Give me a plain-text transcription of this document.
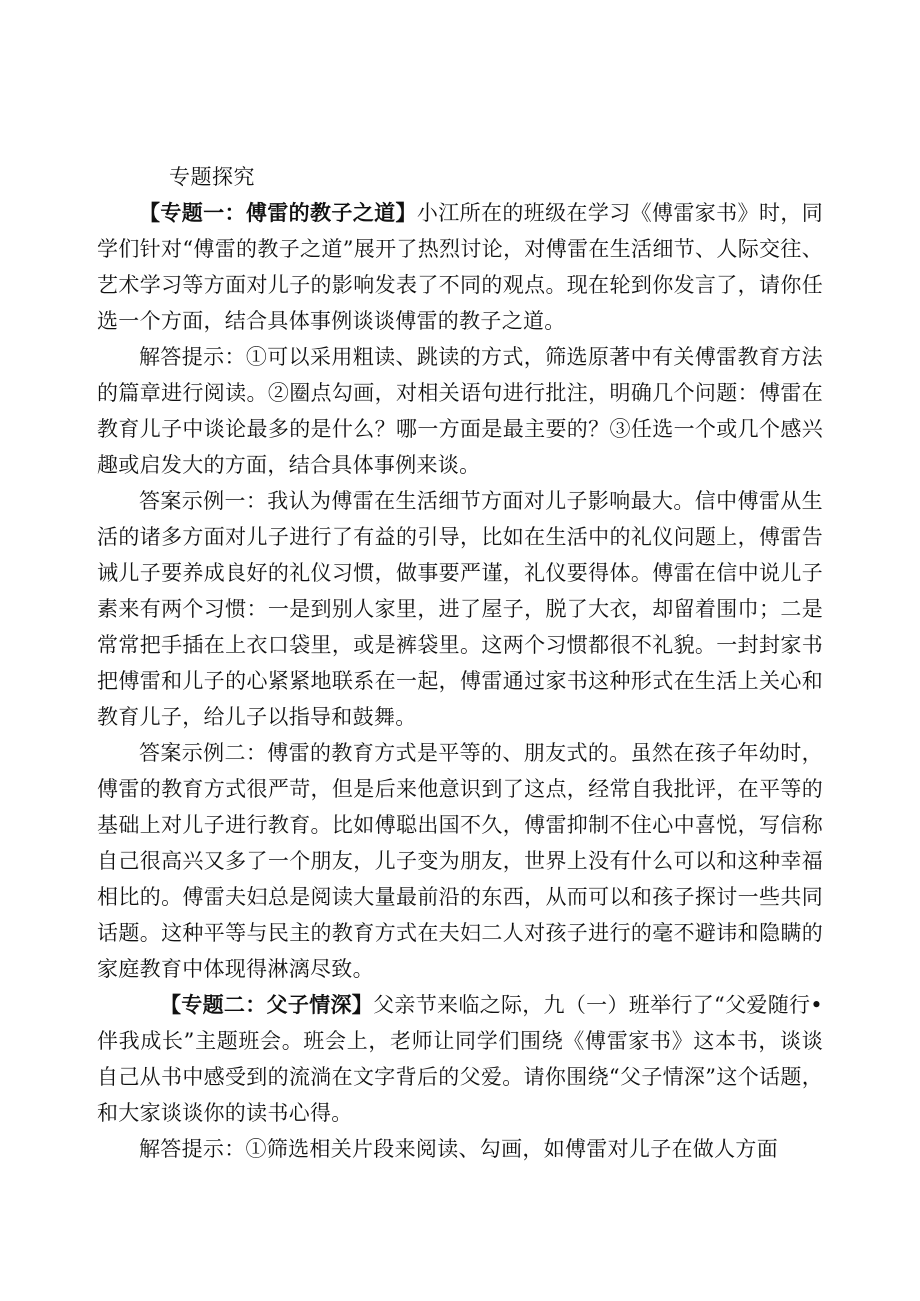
专题探究

【专题一：傅雷的教子之道】小江所在的班级在学习《傅雷家书》时，同学们针对“傅雷的教子之道”展开了热烈讨论，对傅雷在生活细节、人际交往、艺术学习等方面对儿子的影响发表了不同的观点。现在轮到你发言了，请你任选一个方面，结合具体事例谈谈傅雷的教子之道。

解答提示：①可以采用粗读、跳读的方式，筛选原著中有关傅雷教育方法的篇章进行阅读。②圈点勾画，对相关语句进行批注，明确几个问题：傅雷在教育儿子中谈论最多的是什么？哪一方面是最主要的？③任选一个或几个感兴趣或启发大的方面，结合具体事例来谈。

答案示例一：我认为傅雷在生活细节方面对儿子影响最大。信中傅雷从生活的诸多方面对儿子进行了有益的引导，比如在生活中的礼仪问题上，傅雷告诫儿子要养成良好的礼仪习惯，做事要严谨，礼仪要得体。傅雷在信中说儿子素来有两个习惯：一是到别人家里，进了屋子，脱了大衣，却留着围巾；二是常常把手插在上衣口袋里，或是裤袋里。这两个习惯都很不礼貌。一封封家书把傅雷和儿子的心紧紧地联系在一起，傅雷通过家书这种形式在生活上关心和教育儿子，给儿子以指导和鼓舞。

答案示例二：傅雷的教育方式是平等的、朋友式的。虽然在孩子年幼时，傅雷的教育方式很严苛，但是后来他意识到了这点，经常自我批评，在平等的基础上对儿子进行教育。比如傅聪出国不久，傅雷抑制不住心中喜悦，写信称自己很高兴又多了一个朋友，儿子变为朋友，世界上没有什么可以和这种幸福相比的。傅雷夫妇总是阅读大量最前沿的东西，从而可以和孩子探讨一些共同话题。这种平等与民主的教育方式在夫妇二人对孩子进行的毫不避讳和隐瞒的家庭教育中体现得淋漓尽致。

【专题二：父子情深】父亲节来临之际，九（一）班举行了“父爱随行•伴我成长”主题班会。班会上，老师让同学们围绕《傅雷家书》这本书，谈谈自己从书中感受到的流淌在文字背后的父爱。请你围绕“父子情深”这个话题，和大家谈谈你的读书心得。

解答提示：①筛选相关片段来阅读、勾画，如傅雷对儿子在做人方面
